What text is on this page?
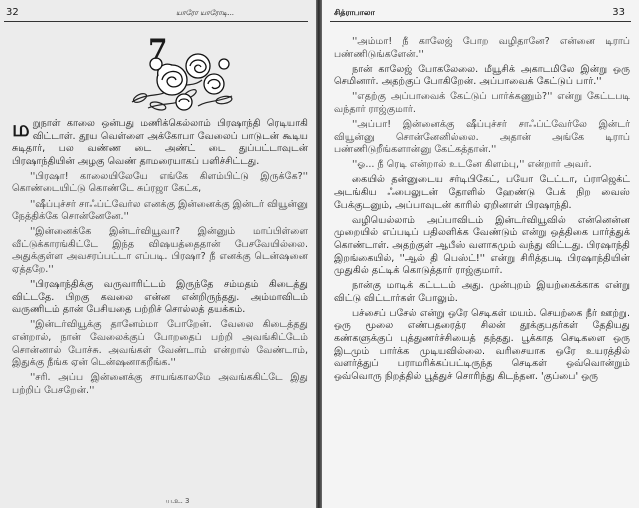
32	யாரோ யாரோடி...
7

ம றுநாள் காலை ஒன்பது மணிக்கெல்லாம் பிரஷாந்தி ரெடியாகி விட்டாள். தூய வெள்ளை அக்கோபா வேலைப் பாடுடன் கூடிய சுடிதார், பல வண்ண டை அண்ட் டை துப்பட்டாவுடன் பிரஷாந்தியின் அழகு வெண் தாமரையாகப் பளிச்சிட்டது.

''பிரஷா! காலையிலேயே எங்கே கிளம்பிட்டு இருக்கே?'' கொண்டையிட்டு கொண்டே சுப்ரஜா கேட்க,

''ஷீப்புச்சர் சாஃப்ட்வேர்ல எனக்கு இன்னைக்கு இன்டர் வியூன்னு நேத்திக்கே சொன்னேனே.''

''இன்னைக்கே இன்டர்வியூவா? இன்னும் மாப்பிள்ளை வீட்டுக்காரங்கிட்டே இந்த விஷயத்தைதான் பேசவேயில்லை. அதுக்குள்ள அவசரப்பட்டா எப்படி. பிரஷா? நீ எனக்கு டென்ஷனை ஏத்தறே.''

''பிரஷாந்திக்கு வருவாரிட்டம் இருந்தே சம்மதம் கிடைத்து விட்டதே. பிறகு கவலை என்ன என்றிருந்தது. அம்மாவிடம் வருணிடம் தான் பேசியதை பற்றிச் சொல்லத் தயக்கம்.

''இன்டர்வியூக்கு தானேம்மா போறேன். வேலை கிடைத்தது என்றால், நான் வேலைக்குப் போறதைப் பற்றி அவங்கிட்டேம் சொன்னால் போச்சு. அவங்கள் வேண்டாம் என்றால் வேண்டாம், இதுக்கு நீங்க ஏன் டென்ஷனாகறீங்க.''

''சரி. அப்ப இன்னைக்கு சாயங்காலமே அவங்ககிட்டே இது பற்றிப் பேசறேன்.''

ய.உ. 3
சித்ராபாலா	33

''அம்மா! நீ காலேஜ் போற வழிதானே? என்னை டிராப் பண்ணிடுங்களேன்.''

நான் காலேஜ் போகலேலை. மீயூசிக் அகாடமிலே இன்று ஒரு செமினார். அதற்குப் போகிறேன். அப்பாவைக் கேட்டுப் பார்.''

''எதற்கு அப்பாவைக் கேட்டுப் பார்க்கணும்?'' என்று கேட்டபடி வந்தார் ராஜ்குமார்.

''அப்பா! இன்னைக்கு ஷீப்புச்சர் சாஃப்ட்வேர்லே இன்டர் வியூன்னு சொன்னேனில்லை. அதான் அங்கே டிராப் பண்ணிடுறீங்களான்னு கேட்கத்தான்.''

''ஓ... நீ ரெடி என்றால் உடனே கிளம்பு,'' என்றார் அவர்.

கையில் தன்னுடைய சர்டிபிகேட், பயோ டேட்டா, ப்ராஜெக்ட் அடங்கிய ஃபைலுடன் தோளில் ஹேண்டு பேக் நிற வைஸ் பேக்குடனும், அப்பாவுடன் காரில் ஏறினாள் பிரஷாந்தி.

வழியெல்லாம் அப்பாவிடம் இன்டர்வியூவில் என்னென்ன முறையில் எப்படிப் பதிலளிக்க வேண்டும் என்று ஒத்திகை பார்த்துக் கொண்டாள். அதற்குள் ஆபீஸ் வளாகமும் வந்து விட்டது. பிரஷாந்தி இறங்கையில், ''ஆல் தி பெஸ்ட்!'' என்று சிரித்தபடி பிரஷாந்தியின் முதுகில் தட்டிக் கொடுத்தார் ராஜ்குமார்.

நான்கு மாடிக் கட்டடம் அது. முன்புறம் இயற்கைக்காக என்று விட்டு விட்டார்கள் போலும்.

பச்சைப் பசேல் என்று ஒரே செடிகள் மயம். செயற்கை நீர் ஊற்று. ஒரு மூலை எண்பதரைத்ர சிலன் தூக்குபதர்கள் தேதியது கண்களுக்குப் புத்துணர்ச்சியைத் தந்தது. பூக்காத செடிகளை ஒரு இடமும் பார்க்க முடியவில்லை. வரிசையாக ஒரே உயரத்தில் வளர்த்துப் பராமரிக்கப்பட்டிருந்த செடிகள் ஒவ்வொன்றும் ஒவ்வொரு நிறத்தில் பூத்துச் சொரிந்து கிடந்தன. 'குப்பை' ஒரு
